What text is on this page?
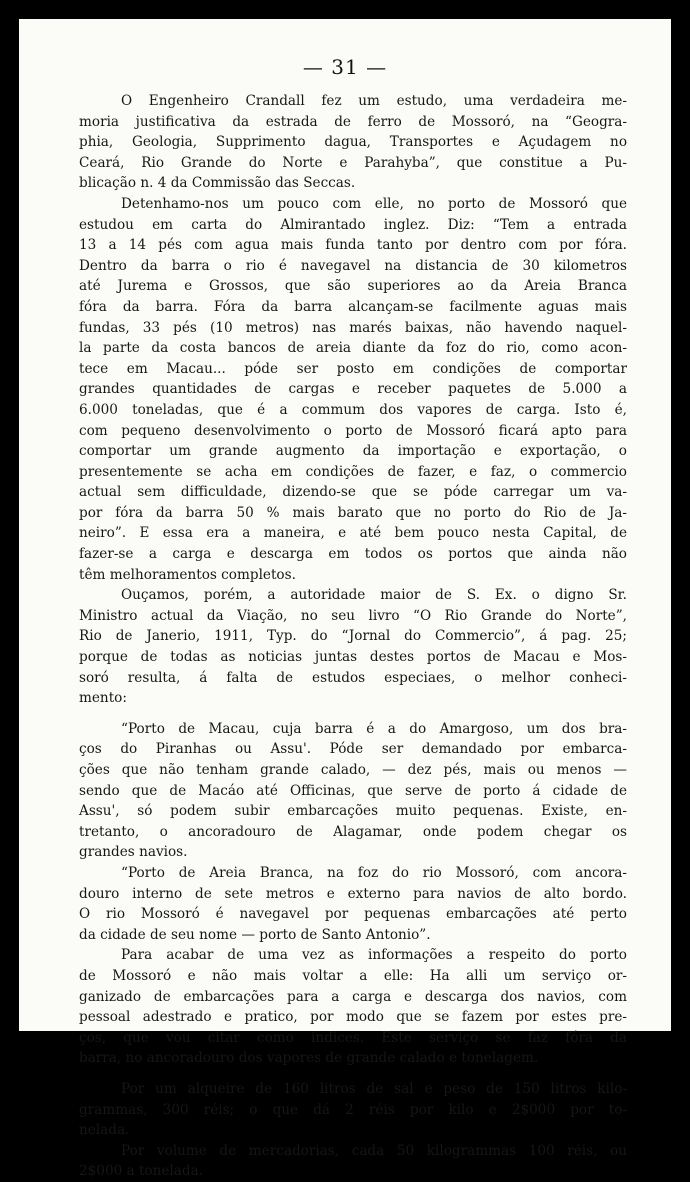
— 31 —
O Engenheiro Crandall fez um estudo, uma verdadeira me-
moria justificativa da estrada de ferro de Mossoró, na “Geogra-
phia, Geologia, Supprimento dagua, Transportes e Açudagem no
Ceará, Rio Grande do Norte e Parahyba”, que constitue a Pu-
blicação n. 4 da Commissão das Seccas.
Detenhamo-nos um pouco com elle, no porto de Mossoró que
estudou em carta do Almirantado inglez. Diz: “Tem a entrada
13 a 14 pés com agua mais funda tanto por dentro com por fóra.
Dentro da barra o rio é navegavel na distancia de 30 kilometros
até Jurema e Grossos, que são superiores ao da Areia Branca
fóra da barra. Fóra da barra alcançam-se facilmente aguas mais
fundas, 33 pés (10 metros) nas marés baixas, não havendo naquel-
la parte da costa bancos de areia diante da foz do rio, como acon-
tece em Macau... póde ser posto em condições de comportar
grandes quantidades de cargas e receber paquetes de 5.000 a
6.000 toneladas, que é a commum dos vapores de carga. Isto é,
com pequeno desenvolvimento o porto de Mossoró ficará apto para
comportar um grande augmento da importação e exportação, o
presentemente se acha em condições de fazer, e faz, o commercio
actual sem difficuldade, dizendo-se que se póde carregar um va-
por fóra da barra 50 % mais barato que no porto do Rio de Ja-
neiro”. E essa era a maneira, e até bem pouco nesta Capital, de
fazer-se a carga e descarga em todos os portos que ainda não
têm melhoramentos completos.
Ouçamos, porém, a autoridade maior de S. Ex. o digno Sr.
Ministro actual da Viação, no seu livro “O Rio Grande do Norte”,
Rio de Janerio, 1911, Typ. do “Jornal do Commercio”, á pag. 25;
porque de todas as noticias juntas destes portos de Macau e Mos-
soró resulta, á falta de estudos especiaes, o melhor conheci-
mento:
“Porto de Macau, cuja barra é a do Amargoso, um dos bra-
ços do Piranhas ou Assu'. Póde ser demandado por embarca-
ções que não tenham grande calado, — dez pés, mais ou menos —
sendo que de Macáo até Officinas, que serve de porto á cidade de
Assu', só podem subir embarcações muito pequenas. Existe, en-
tretanto, o ancoradouro de Alagamar, onde podem chegar os
grandes navios.
“Porto de Areia Branca, na foz do rio Mossoró, com ancora-
douro interno de sete metros e externo para navios de alto bordo.
O rio Mossoró é navegavel por pequenas embarcações até perto
da cidade de seu nome — porto de Santo Antonio”.
Para acabar de uma vez as informações a respeito do porto
de Mossoró e não mais voltar a elle: Ha alli um serviço or-
ganizado de embarcações para a carga e descarga dos navios, com
pessoal adestrado e pratico, por modo que se fazem por estes pre-
ços, que vou citar como indices. Este serviço se faz fóra da
barra, no ancoradouro dos vapores de grande calado e tonelagem.
Por um alqueire de 160 litros de sal e peso de 150 litros kilo-
grammas, 300 réis; o que dá 2 réis por kilo e 2$000 por to-
nelada.
Por volume de mercadorias, cada 50 kilogrammas 100 réis, ou
2$000 a tonelada.
